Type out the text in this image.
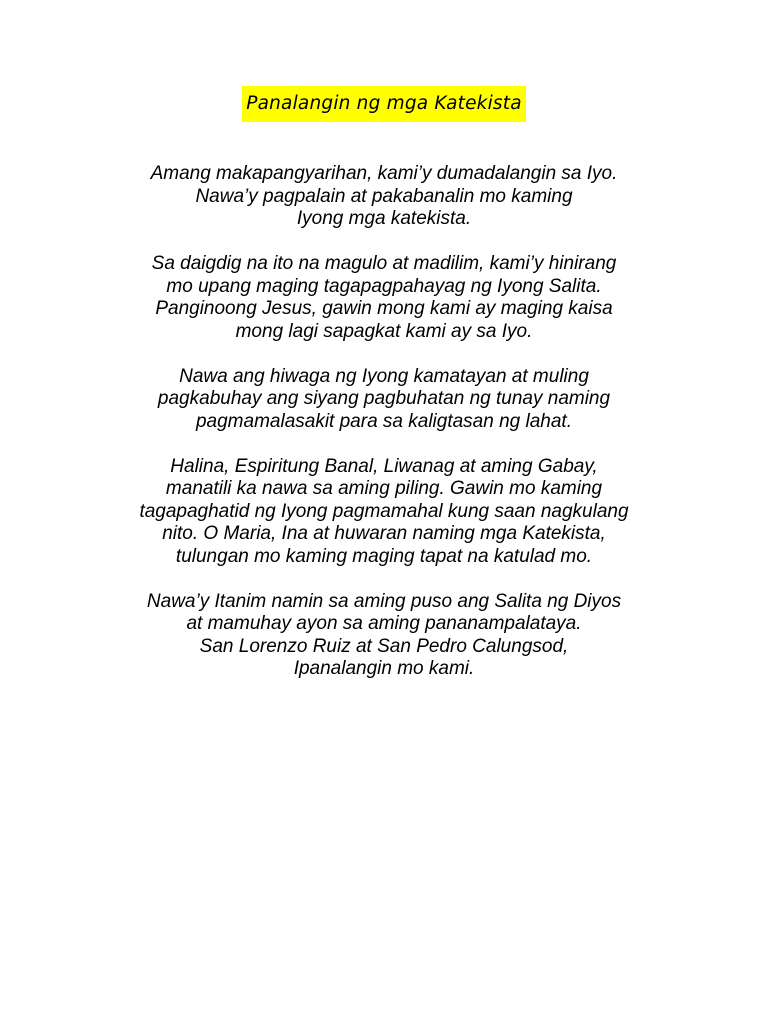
Panalangin ng mga Katekista

Amang makapangyarihan, kami’y dumadalangin sa Iyo.
Nawa’y pagpalain at pakabanalin mo kaming
Iyong mga katekista.

Sa daigdig na ito na magulo at madilim, kami’y hinirang
mo upang maging tagapagpahayag ng Iyong Salita.
Panginoong Jesus, gawin mong kami ay maging kaisa
mong lagi sapagkat kami ay sa Iyo.

Nawa ang hiwaga ng Iyong kamatayan at muling
pagkabuhay ang siyang pagbuhatan ng tunay naming
pagmamalasakit para sa kaligtasan ng lahat.

Halina, Espiritung Banal, Liwanag at aming Gabay,
manatili ka nawa sa aming piling. Gawin mo kaming
tagapaghatid ng Iyong pagmamahal kung saan nagkulang
nito. O Maria, Ina at huwaran naming mga Katekista,
tulungan mo kaming maging tapat na katulad mo.

Nawa’y Itanim namin sa aming puso ang Salita ng Diyos
at mamuhay ayon sa aming pananampalataya.
San Lorenzo Ruiz at San Pedro Calungsod,
Ipanalangin mo kami.
